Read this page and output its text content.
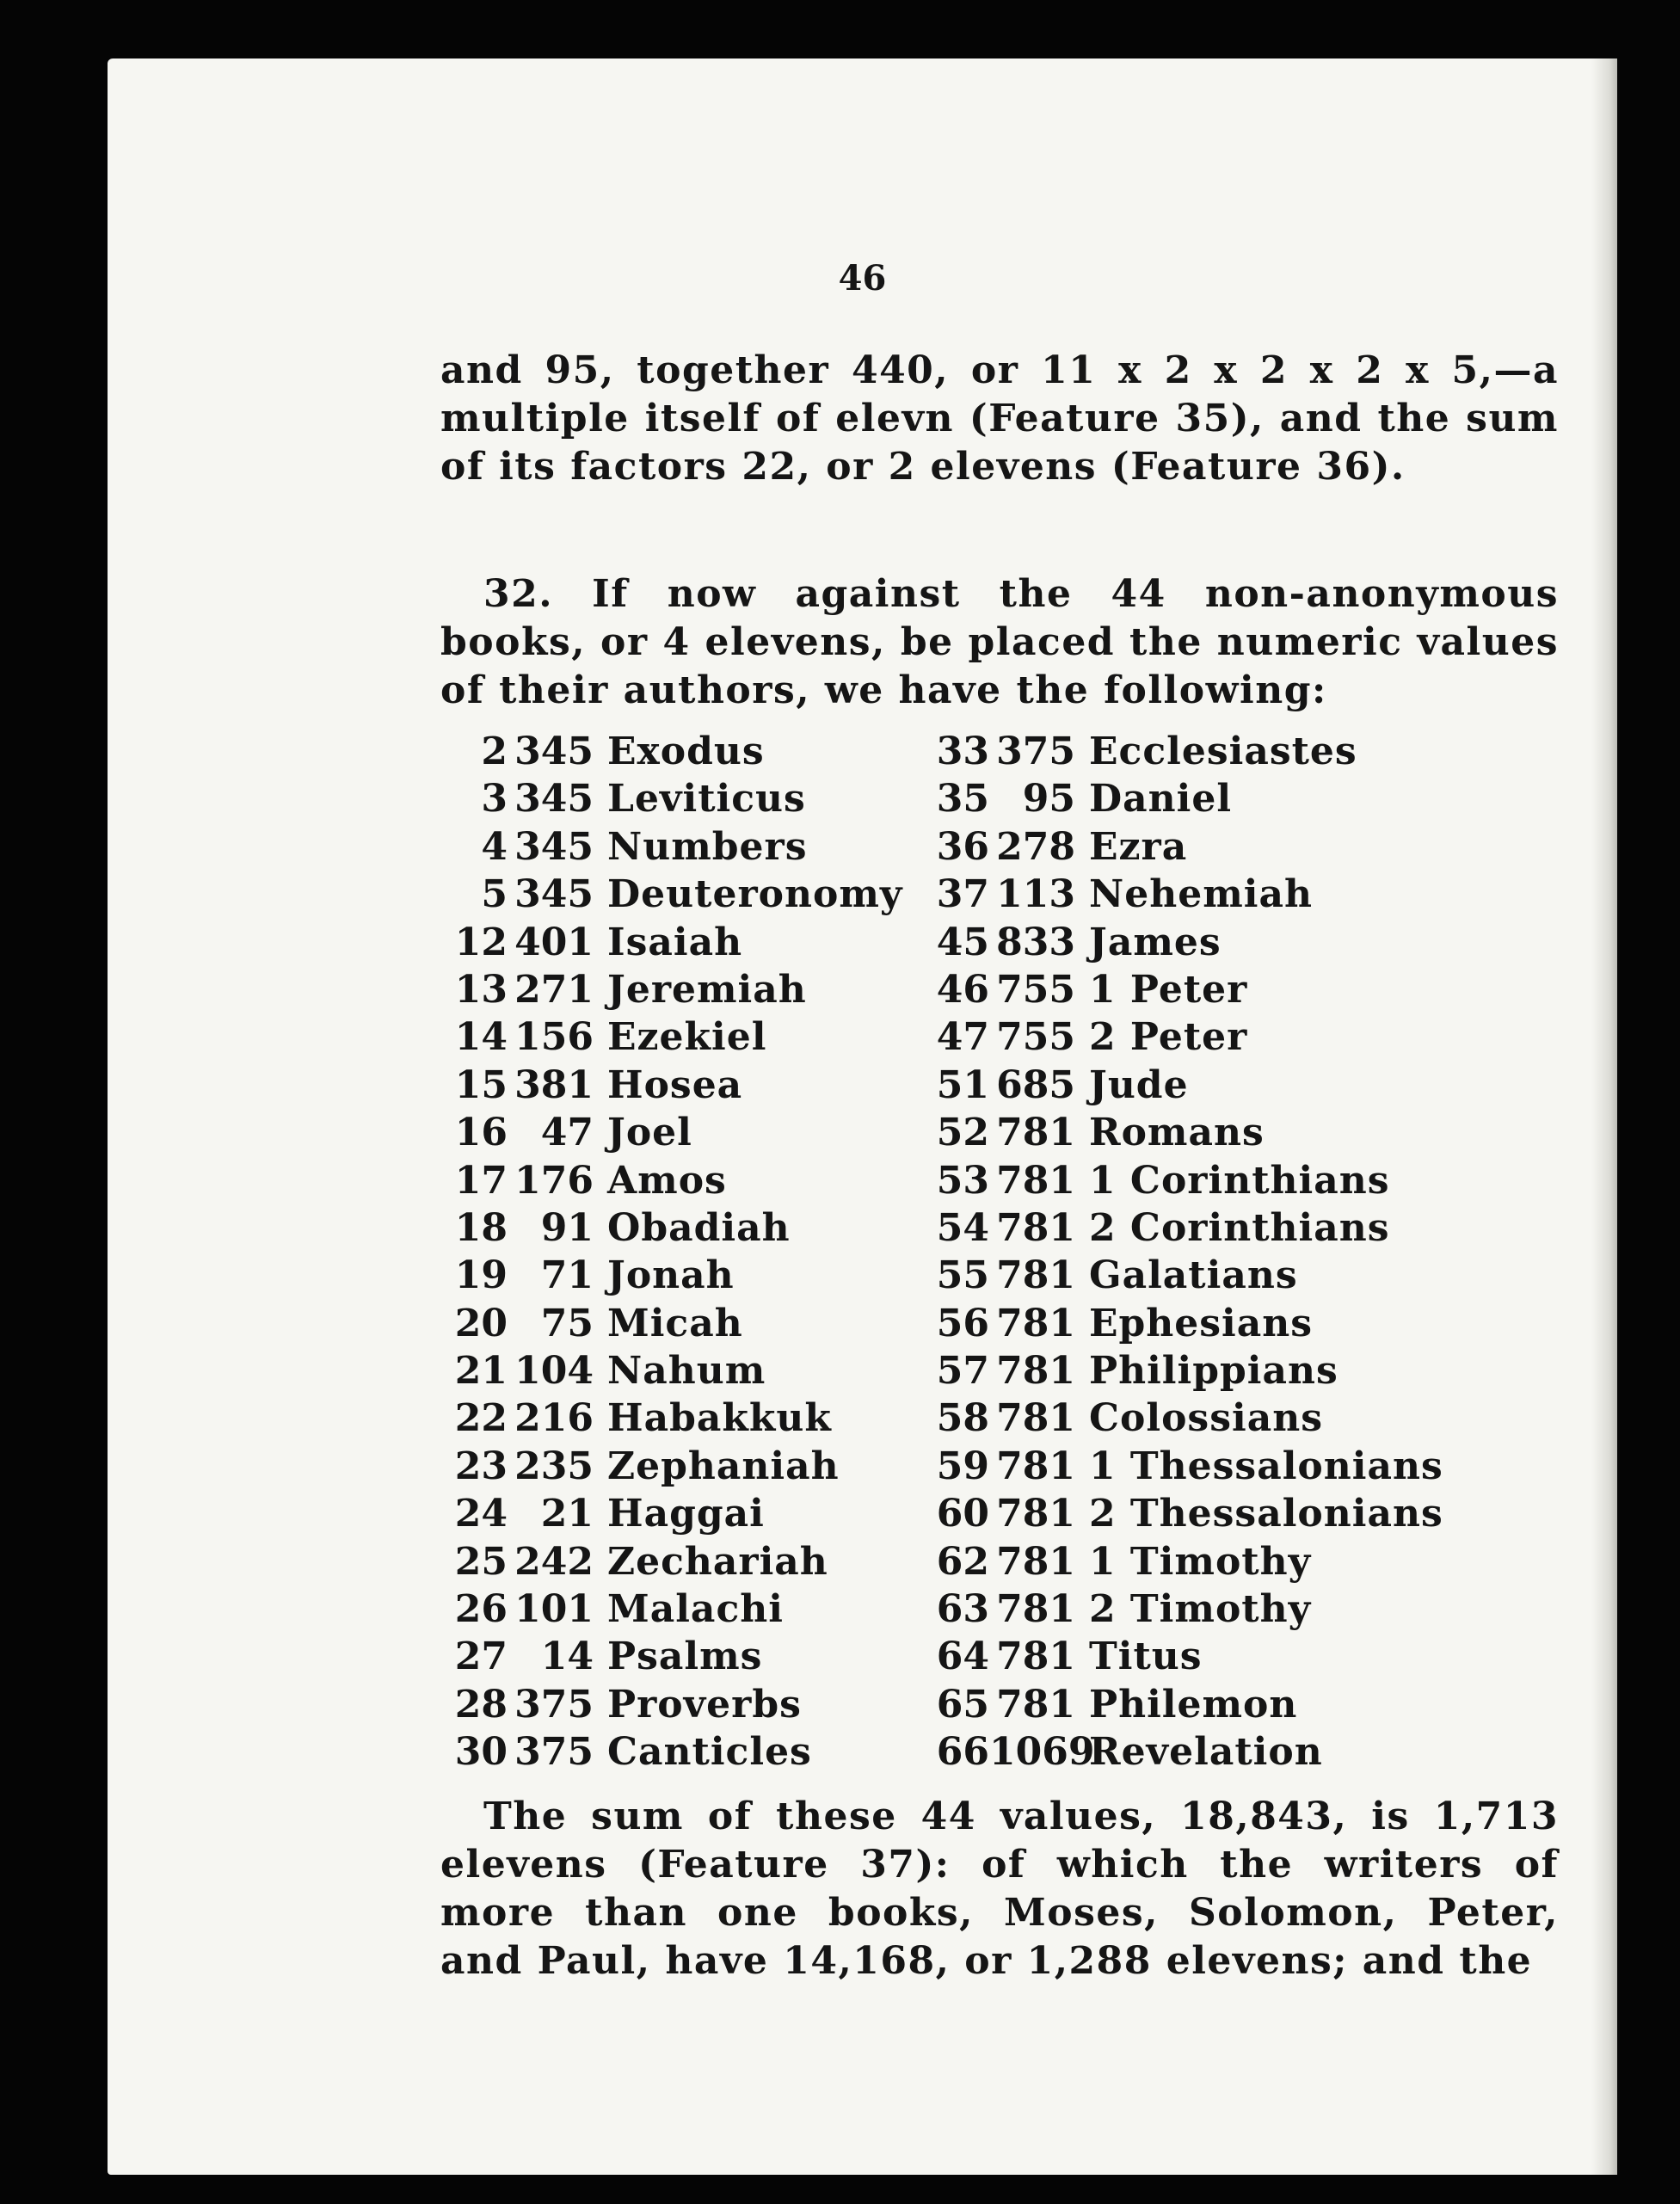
46

and 95, together 440, or 11 x 2 x 2 x 2 x 5,—a multiple itself of elevn (Feature 35), and the sum of its factors 22, or 2 elevens (Feature 36).

32. If now against the 44 non-anonymous books, or 4 elevens, be placed the numeric values of their authors, we have the following:

2 345 Exodus
3 345 Leviticus
4 345 Numbers
5 345 Deuteronomy
12 401 Isaiah
13 271 Jeremiah
14 156 Ezekiel
15 381 Hosea
16 47 Joel
17 176 Amos
18 91 Obadiah
19 71 Jonah
20 75 Micah
21 104 Nahum
22 216 Habakkuk
23 235 Zephaniah
24 21 Haggai
25 242 Zechariah
26 101 Malachi
27 14 Psalms
28 375 Proverbs
30 375 Canticles
33 375 Ecclesiastes
35 95 Daniel
36 278 Ezra
37 113 Nehemiah
45 833 James
46 755 1 Peter
47 755 2 Peter
51 685 Jude
52 781 Romans
53 781 1 Corinthians
54 781 2 Corinthians
55 781 Galatians
56 781 Ephesians
57 781 Philippians
58 781 Colossians
59 781 1 Thessalonians
60 781 2 Thessalonians
62 781 1 Timothy
63 781 2 Timothy
64 781 Titus
65 781 Philemon
661069Revelation

The sum of these 44 values, 18,843, is 1,713 elevens (Feature 37): of which the writers of more than one books, Moses, Solomon, Peter, and Paul, have 14,168, or 1,288 elevens; and the
